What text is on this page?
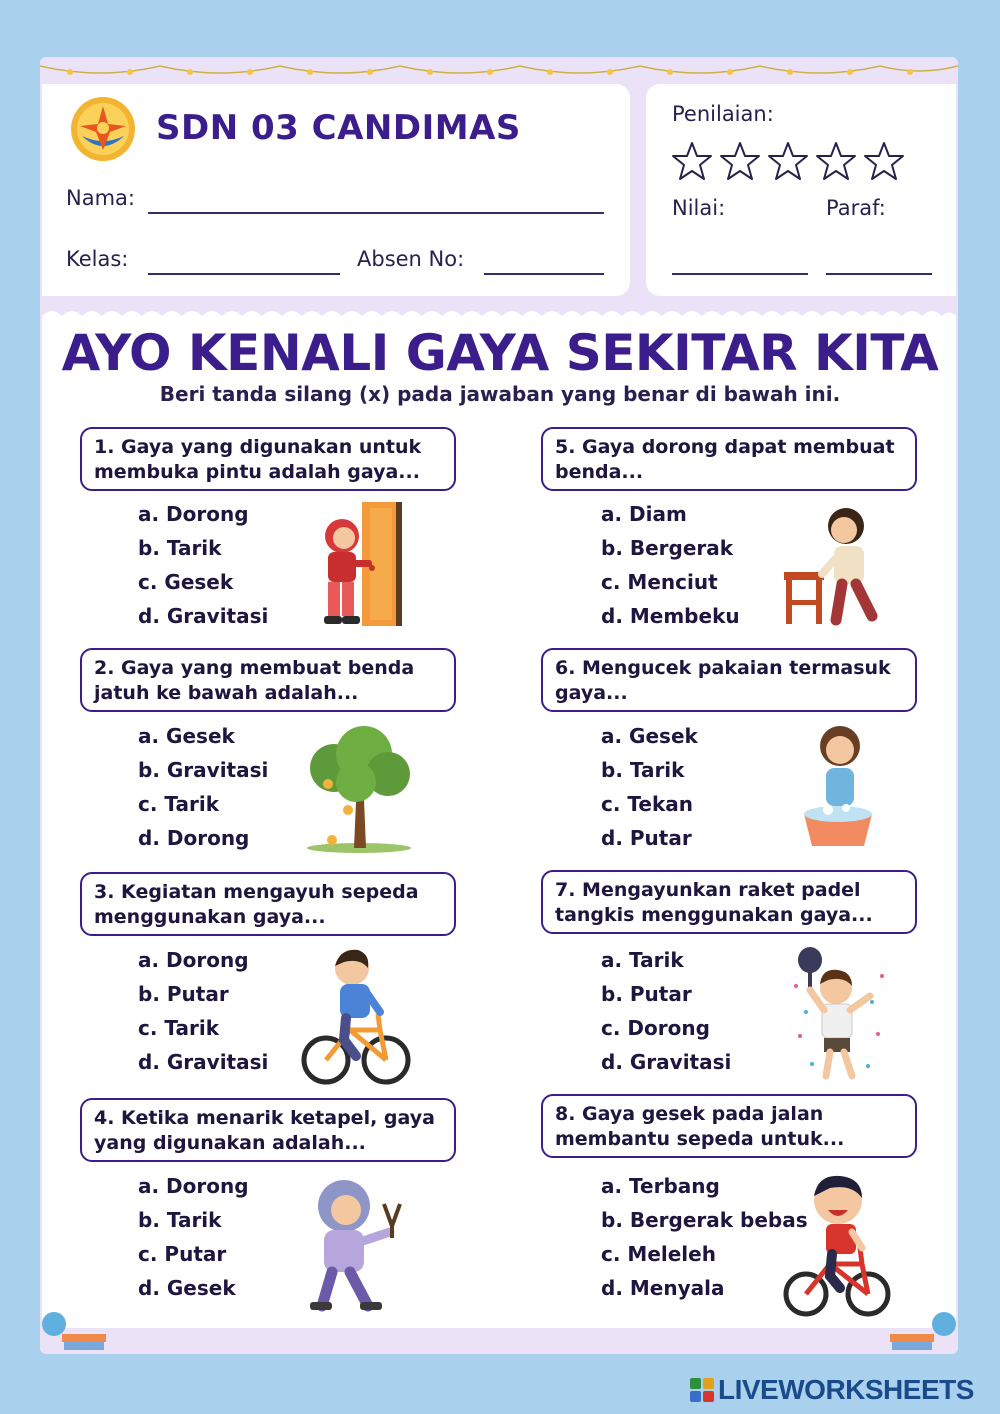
SDN 03 CANDIMAS
Nama:
Kelas:	Absen No:
Penilaian:
Nilai:	Paraf:
AYO KENALI GAYA SEKITAR KITA
Beri tanda silang (x) pada jawaban yang benar di bawah ini.
1. Gaya yang digunakan untuk
membuka pintu adalah gaya...
a. Dorong
b. Tarik
c. Gesek
d. Gravitasi
2. Gaya yang membuat benda
jatuh ke bawah adalah...
a. Gesek
b. Gravitasi
c. Tarik
d. Dorong
3. Kegiatan mengayuh sepeda
menggunakan gaya...
a. Dorong
b. Putar
c. Tarik
d. Gravitasi
4. Ketika menarik ketapel, gaya
yang digunakan adalah...
a. Dorong
b. Tarik
c. Putar
d. Gesek
5. Gaya dorong dapat membuat
benda...
a. Diam
b. Bergerak
c. Menciut
d. Membeku
6. Mengucek pakaian termasuk
gaya...
a. Gesek
b. Tarik
c. Tekan
d. Putar
7. Mengayunkan raket padel
tangkis menggunakan gaya...
a. Tarik
b. Putar
c. Dorong
d. Gravitasi
8. Gaya gesek pada jalan
membantu sepeda untuk...
a. Terbang
b. Bergerak bebas
c. Meleleh
d. Menyala
LIVEWORKSHEETS
